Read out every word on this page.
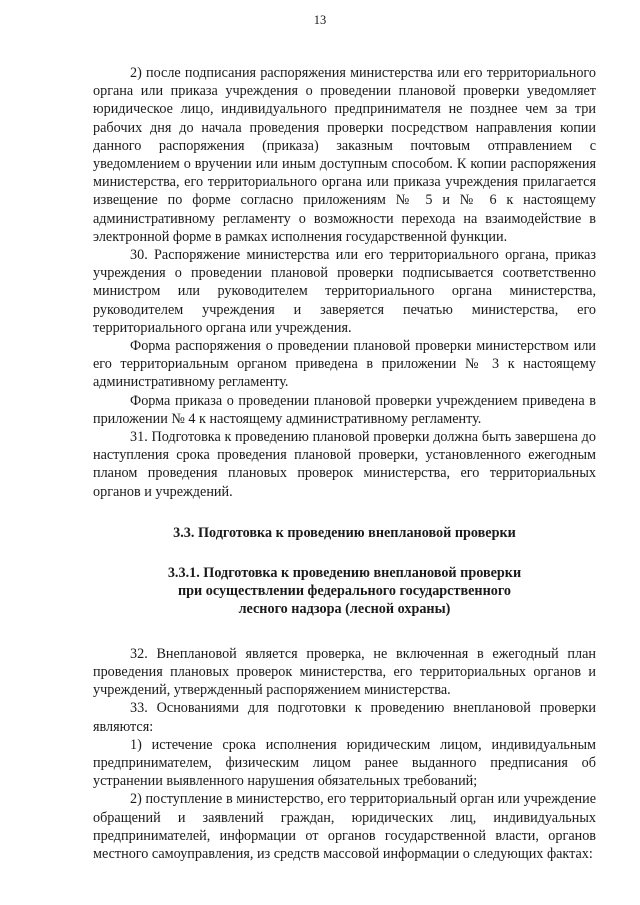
13

2) после подписания распоряжения министерства или его территориального органа или приказа учреждения о проведении плановой проверки уведомляет юридическое лицо, индивидуального предпринимателя не позднее чем за три рабочих дня до начала проведения проверки посредством направления копии данного распоряжения (приказа) заказным почтовым отправлением с уведомлением о вручении или иным доступным способом. К копии распоряжения министерства, его территориального органа или приказа учреждения прилагается извещение по форме согласно приложениям № 5 и № 6 к настоящему административному регламенту о возможности перехода на взаимодействие в электронной форме в рамках исполнения государственной функции.

30. Распоряжение министерства или его территориального органа, приказ учреждения о проведении плановой проверки подписывается соответственно министром или руководителем территориального органа министерства, руководителем учреждения и заверяется печатью министерства, его территориального органа или учреждения.

Форма распоряжения о проведении плановой проверки министерством или его территориальным органом приведена в приложении № 3 к настоящему административному регламенту.

Форма приказа о проведении плановой проверки учреждением приведена в приложении № 4 к настоящему административному регламенту.

31. Подготовка к проведению плановой проверки должна быть завершена до наступления срока проведения плановой проверки, установленного ежегодным планом проведения плановых проверок министерства, его территориальных органов и учреждений.

3.3. Подготовка к проведению внеплановой проверки

3.3.1. Подготовка к проведению внеплановой проверки
при осуществлении федерального государственного
лесного надзора (лесной охраны)

32. Внеплановой является проверка, не включенная в ежегодный план проведения плановых проверок министерства, его территориальных органов и учреждений, утвержденный распоряжением министерства.

33. Основаниями для подготовки к проведению внеплановой проверки являются:

1) истечение срока исполнения юридическим лицом, индивидуальным предпринимателем, физическим лицом ранее выданного предписания об устранении выявленного нарушения обязательных требований;

2) поступление в министерство, его территориальный орган или учреждение обращений и заявлений граждан, юридических лиц, индивидуальных предпринимателей, информации от органов государственной власти, органов местного самоуправления, из средств массовой информации о следующих фактах:
